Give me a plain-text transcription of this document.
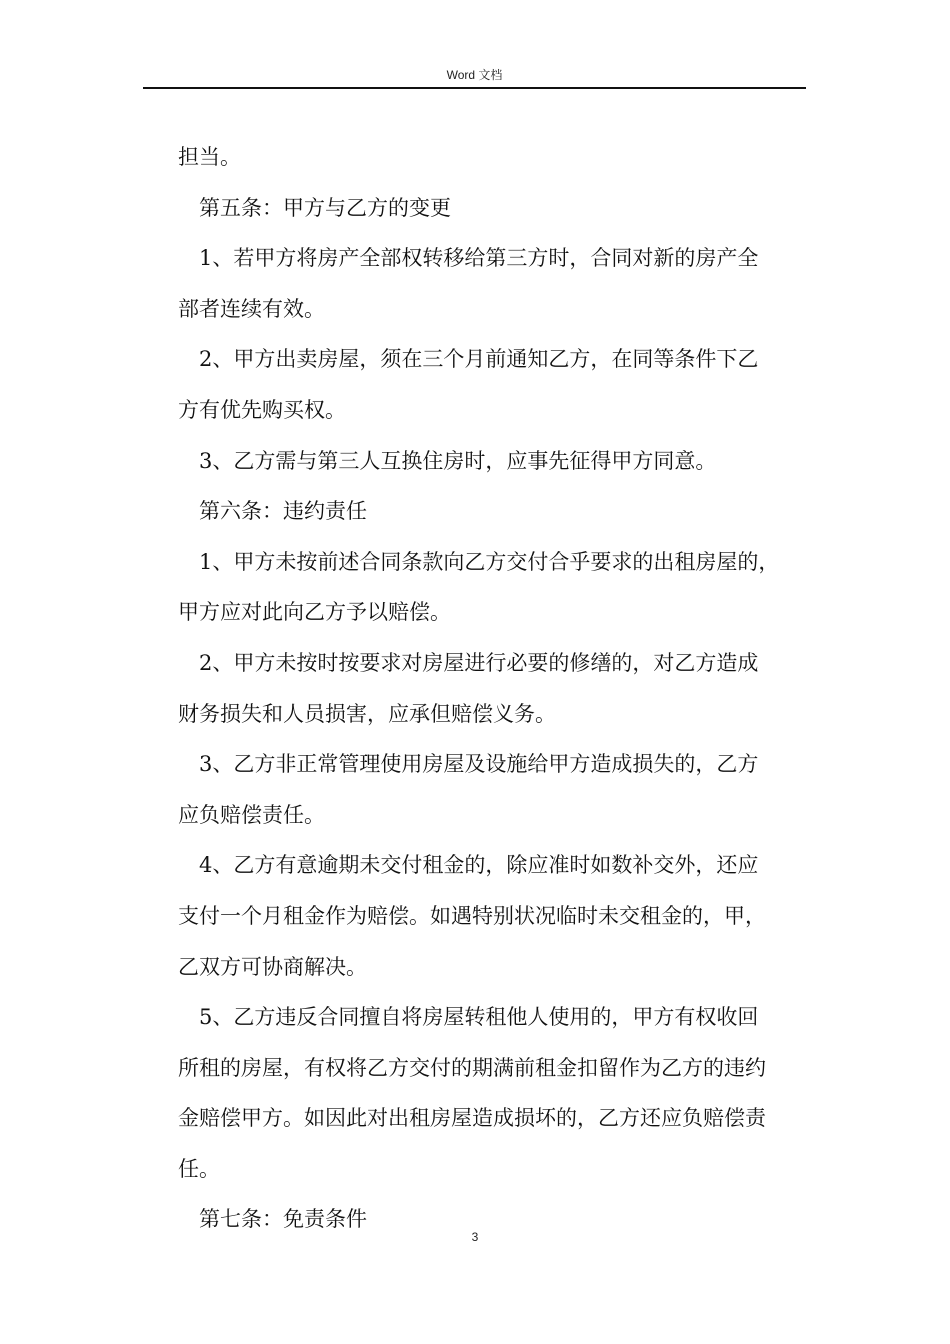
Word 文档
担当。
第五条：甲方与乙方的变更
1、若甲方将房产全部权转移给第三方时，合同对新的房产全
部者连续有效。
2、甲方出卖房屋，须在三个月前通知乙方，在同等条件下乙
方有优先购买权。
3、乙方需与第三人互换住房时，应事先征得甲方同意。
第六条：违约责任
1、甲方未按前述合同条款向乙方交付合乎要求的出租房屋的，
甲方应对此向乙方予以赔偿。
2、甲方未按时按要求对房屋进行必要的修缮的，对乙方造成
财务损失和人员损害，应承但赔偿义务。
3、乙方非正常管理使用房屋及设施给甲方造成损失的，乙方
应负赔偿责任。
4、乙方有意逾期未交付租金的，除应准时如数补交外，还应
支付一个月租金作为赔偿。如遇特别状况临时未交租金的，甲，
乙双方可协商解决。
5、乙方违反合同擅自将房屋转租他人使用的，甲方有权收回
所租的房屋，有权将乙方交付的期满前租金扣留作为乙方的违约
金赔偿甲方。如因此对出租房屋造成损坏的，乙方还应负赔偿责
任。
第七条：免责条件
3
